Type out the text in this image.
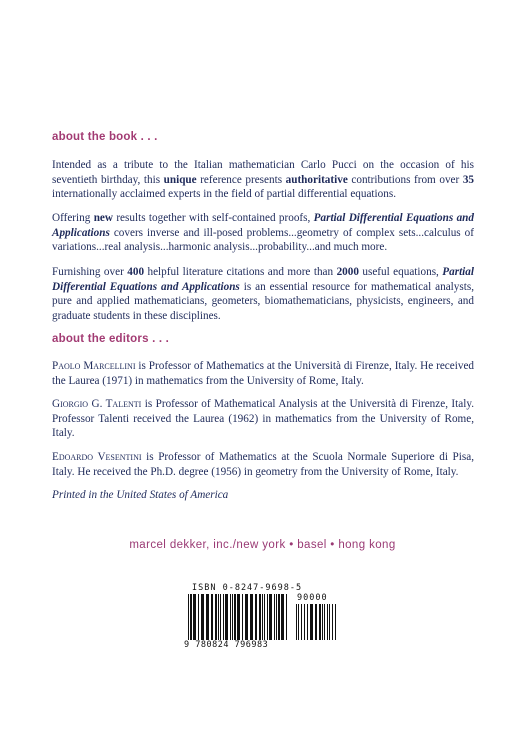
about the book . . .

Intended as a tribute to the Italian mathematician Carlo Pucci on the occasion of his seventieth birthday, this unique reference presents authoritative contributions from over 35 internationally acclaimed experts in the field of partial differential equations.

Offering new results together with self-contained proofs, Partial Differential Equations and Applications covers inverse and ill-posed problems...geometry of complex sets...calculus of variations...real analysis...harmonic analysis...probability...and much more.

Furnishing over 400 helpful literature citations and more than 2000 useful equations, Partial Differential Equations and Applications is an essential resource for mathematical analysts, pure and applied mathematicians, geometers, biomathematicians, physicists, engineers, and graduate students in these disciplines.

about the editors . . .

Paolo Marcellini is Professor of Mathematics at the Università di Firenze, Italy. He received the Laurea (1971) in mathematics from the University of Rome, Italy.

Giorgio G. Talenti is Professor of Mathematical Analysis at the Università di Firenze, Italy. Professor Talenti received the Laurea (1962) in mathematics from the University of Rome, Italy.

Edoardo Vesentini is Professor of Mathematics at the Scuola Normale Superiore di Pisa, Italy. He received the Ph.D. degree (1956) in geometry from the University of Rome, Italy.

Printed in the United States of America

marcel dekker, inc./new york • basel • hong kong
ISBN 0-8247-9698-5
90000
9 780824 796983
